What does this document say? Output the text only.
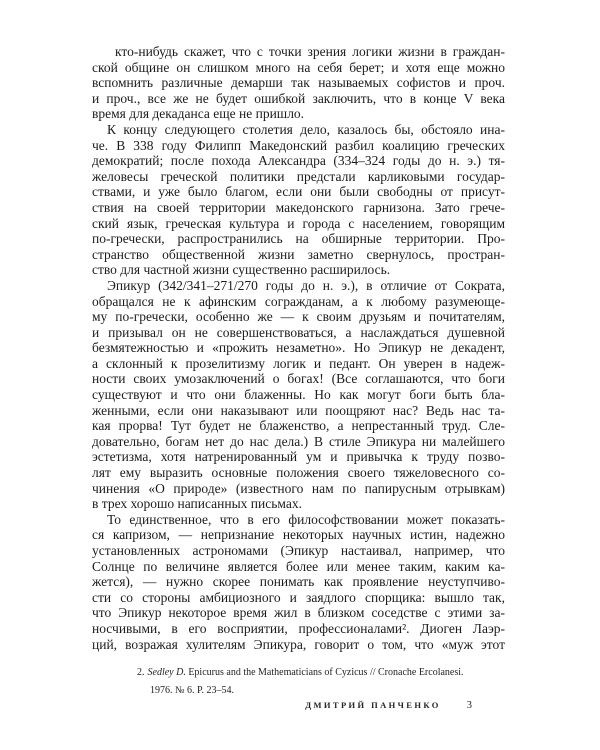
кто-нибудь скажет, что с точки зрения логики жизни в граждан-
ской общине он слишком много на себя берет; и хотя еще можно
вспомнить различные демарши так называемых софистов и проч.
и проч., все же не будет ошибкой заключить, что в конце V века
время для декаданса еще не пришло.
К концу следующего столетия дело, казалось бы, обстояло ина-
че. В 338 году Филипп Македонский разбил коалицию греческих
демократий; после похода Александра (334–324 годы до н. э.) тя-
желовесы греческой политики предстали карликовыми государ-
ствами, и уже было благом, если они были свободны от присут-
ствия на своей территории македонского гарнизона. Зато грече-
ский язык, греческая культура и города с населением, говорящим
по-гречески, распространились на обширные территории. Про-
странство общественной жизни заметно свернулось, простран-
ство для частной жизни существенно расширилось.
Эпикур (342/341–271/270 годы до н. э.), в отличие от Сократа,
обращался не к афинским согражданам, а к любому разумеюще-
му по-гречески, особенно же — к своим друзьям и почитателям,
и призывал он не совершенствоваться, а наслаждаться душевной
безмятежностью и «прожить незаметно». Но Эпикур не декадент,
а склонный к прозелитизму логик и педант. Он уверен в надеж-
ности своих умозаключений о богах! (Все соглашаются, что боги
существуют и что они блаженны. Но как могут боги быть бла-
женными, если они наказывают или поощряют нас? Ведь нас та-
кая прорва! Тут будет не блаженство, а непрестанный труд. Сле-
довательно, богам нет до нас дела.) В стиле Эпикура ни малейшего
эстетизма, хотя натренированный ум и привычка к труду позво-
лят ему выразить основные положения своего тяжеловесного со-
чинения «О природе» (известного нам по папирусным отрывкам)
в трех хорошо написанных письмах.
То единственное, что в его философствовании может показать-
ся капризом, — непризнание некоторых научных истин, надежно
установленных астрономами (Эпикур настаивал, например, что
Солнце по величине является более или менее таким, каким ка-
жется), — нужно скорее понимать как проявление неуступчиво-
сти со стороны амбициозного и заядлого спорщика: вышло так,
что Эпикур некоторое время жил в близком соседстве с этими за-
носчивыми, в его восприятии, профессионалами². Диоген Лаэр-
ций, возражая хулителям Эпикура, говорит о том, что «муж этот
2. Sedley D. Epicurus and the Mathematicians of Cyzicus // Cronache Ercolanesi.
1976. № 6. P. 23–54.
ДМИТРИЙ ПАНЧЕНКО 3
